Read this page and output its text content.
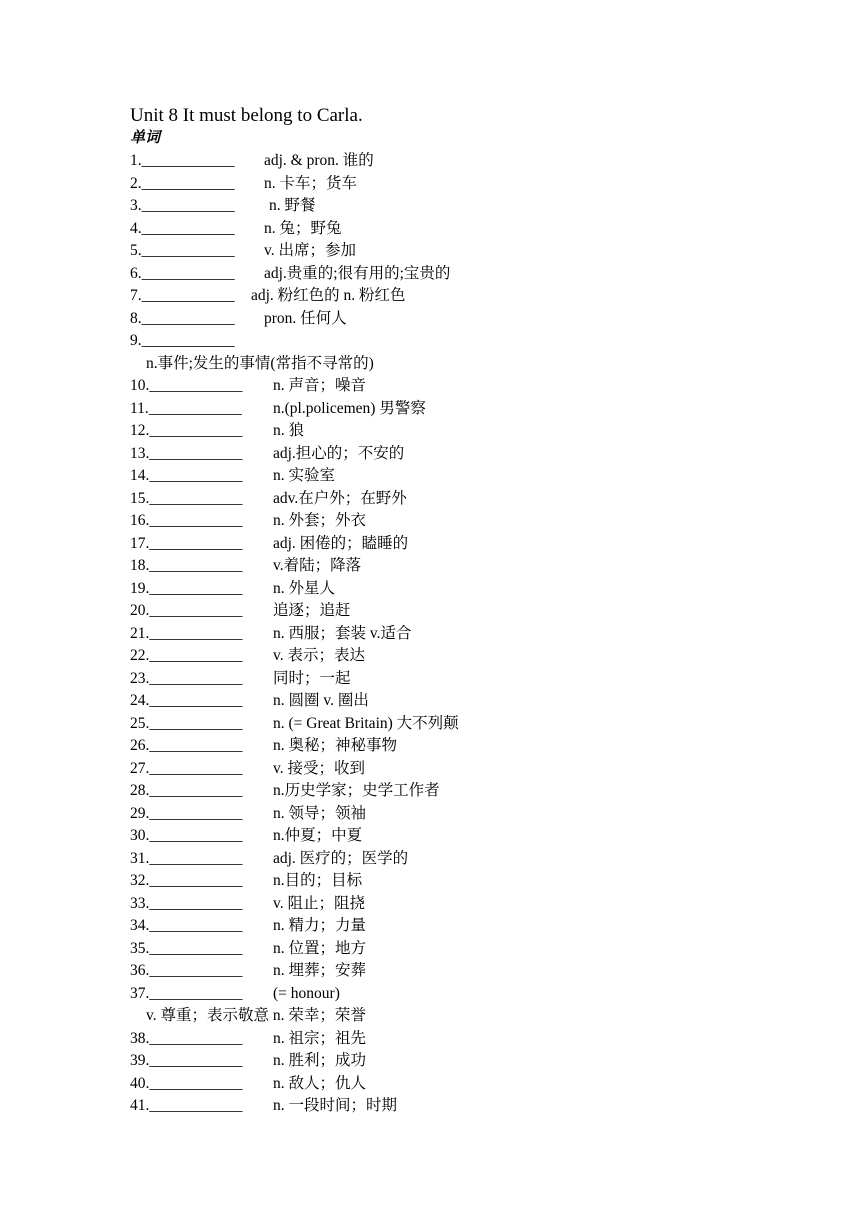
Unit 8 It must belong to Carla.
单词
1.____________ adj. & pron. 谁的
2.____________ n. 卡车；货车
3.____________ n. 野餐
4.____________ n. 兔；野兔
5.____________ v. 出席；参加
6.____________ adj.贵重的;很有用的;宝贵的
7.____________ adj. 粉红色的 n. 粉红色
8.____________ pron. 任何人
9.____________
n.事件;发生的事情(常指不寻常的)
10.____________ n. 声音；噪音
11.____________ n.(pl.policemen) 男警察
12.____________ n. 狼
13.____________ adj.担心的；不安的
14.____________ n. 实验室
15.____________ adv.在户外；在野外
16.____________ n. 外套；外衣
17.____________ adj. 困倦的；瞌睡的
18.____________ v.着陆；降落
19.____________ n. 外星人
20.____________ 追逐；追赶
21.____________ n. 西服；套装 v.适合
22.____________ v. 表示；表达
23.____________ 同时；一起
24.____________ n. 圆圈 v. 圈出
25.____________ n. (= Great Britain) 大不列颠
26.____________ n. 奥秘；神秘事物
27.____________ v. 接受；收到
28.____________ n.历史学家；史学工作者
29.____________ n. 领导；领袖
30.____________ n.仲夏；中夏
31.____________ adj. 医疗的；医学的
32.____________ n.目的；目标
33.____________ v. 阻止；阻挠
34.____________ n. 精力；力量
35.____________ n. 位置；地方
36.____________ n. 埋葬；安葬
37.____________ (= honour)
v. 尊重；表示敬意 n. 荣幸；荣誉
38.____________ n. 祖宗；祖先
39.____________ n. 胜利；成功
40.____________ n. 敌人；仇人
41.____________ n. 一段时间；时期
